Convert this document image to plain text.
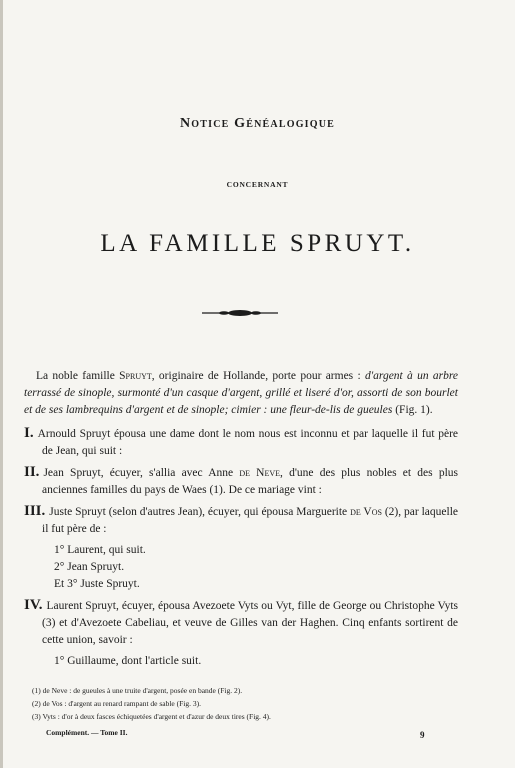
Notice Généalogique
CONCERNANT
LA FAMILLE SPRUYT.

La noble famille Spruyt, originaire de Hollande, porte pour armes : d'argent à un arbre terrassé de sinople, surmonté d'un casque d'argent, grillé et liseré d'or, assorti de son bourlet et de ses lambrequins d'argent et de sinople; cimier : une fleur-de-lis de gueules (Fig. 1).

I. Arnould Spruyt épousa une dame dont le nom nous est inconnu et par laquelle il fut père de Jean, qui suit :

II. Jean Spruyt, écuyer, s'allia avec Anne de Neve, d'une des plus nobles et des plus anciennes familles du pays de Waes (1). De ce mariage vint :

III. Juste Spruyt (selon d'autres Jean), écuyer, qui épousa Marguerite de Vos (2), par laquelle il fut père de :

1° Laurent, qui suit.

2° Jean Spruyt.

Et 3° Juste Spruyt.

IV. Laurent Spruyt, écuyer, épousa Avezoete Vyts ou Vyt, fille de George ou Christophe Vyts (3) et d'Avezoete Cabeliau, et veuve de Gilles van der Haghen. Cinq enfants sortirent de cette union, savoir :

1° Guillaume, dont l'article suit.

(1) de Neve : de gueules à une truite d'argent, posée en bande (Fig. 2).

(2) de Vos : d'argent au renard rampant de sable (Fig. 3).

(3) Vyts : d'or à deux fasces échiquetées d'argent et d'azur de deux tires (Fig. 4).

Complément. — Tome II.	9
